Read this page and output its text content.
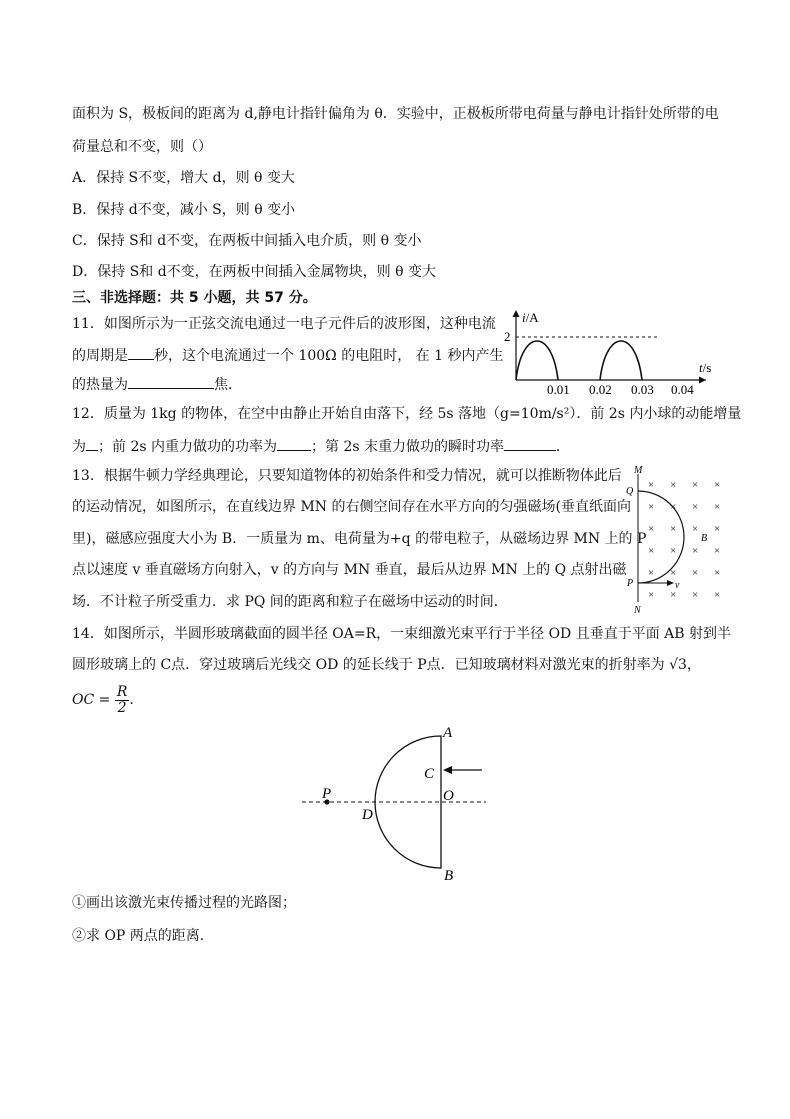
面积为 S，极板间的距离为 d,静电计指针偏角为 θ．实验中，正极板所带电荷量与静电计指针处所带的电
荷量总和不变，则（）
A．保持 S不变，增大 d，则 θ 变大
B．保持 d不变，减小 S，则 θ 变小
C．保持 S和 d不变，在两板中间插入电介质，则 θ 变小
D．保持 S和 d不变，在两板中间插入金属物块，则 θ 变大
三、非选择题：共 5 小题，共 57 分。
11．如图所示为一正弦交流电通过一电子元件后的波形图，这种电流
的周期是 秒，这个电流通过一个 100Ω 的电阻时， 在 1 秒内产生
的热量为	焦．
i/A
2
t/s
0.01 0.02 0.03 0.04
12．质量为 1kg 的物体，在空中由静止开始自由落下，经 5s 落地（g=10m/s²）．前 2s 内小球的动能增量
为 ；前 2s 内重力做功的功率为 ；第 2s 末重力做功的瞬时功率	．
13．根据牛顿力学经典理论，只要知道物体的初始条件和受力情况，就可以推断物体此后
的运动情况，如图所示，在直线边界 MN 的右侧空间存在水平方向的匀强磁场(垂直纸面向
里)，磁感应强度大小为 B．一质量为 m、电荷量为+q 的带电粒子，从磁场边界 MN 上的 P
点以速度 v 垂直磁场方向射入，v 的方向与 MN 垂直，最后从边界 MN 上的 Q 点射出磁
场．不计粒子所受重力．求 PQ 间的距离和粒子在磁场中运动的时间．
M
N
Q
P
B
v
× × × ×
× × × ×
× × × ×
× × × ×
× × × ×
× × × ×
14．如图所示，半圆形玻璃截面的圆半径 OA=R，一束细激光束平行于半径 OD 且垂直于平面 AB 射到半
圆形玻璃上的 C点．穿过玻璃后光线交 OD 的延长线于 P点．已知玻璃材料对激光束的折射率为 √3，
OC = $\frac{R}{2}$ ．
A
B
C
O
D
P
①画出该激光束传播过程的光路图；
②求 OP 两点的距离．
